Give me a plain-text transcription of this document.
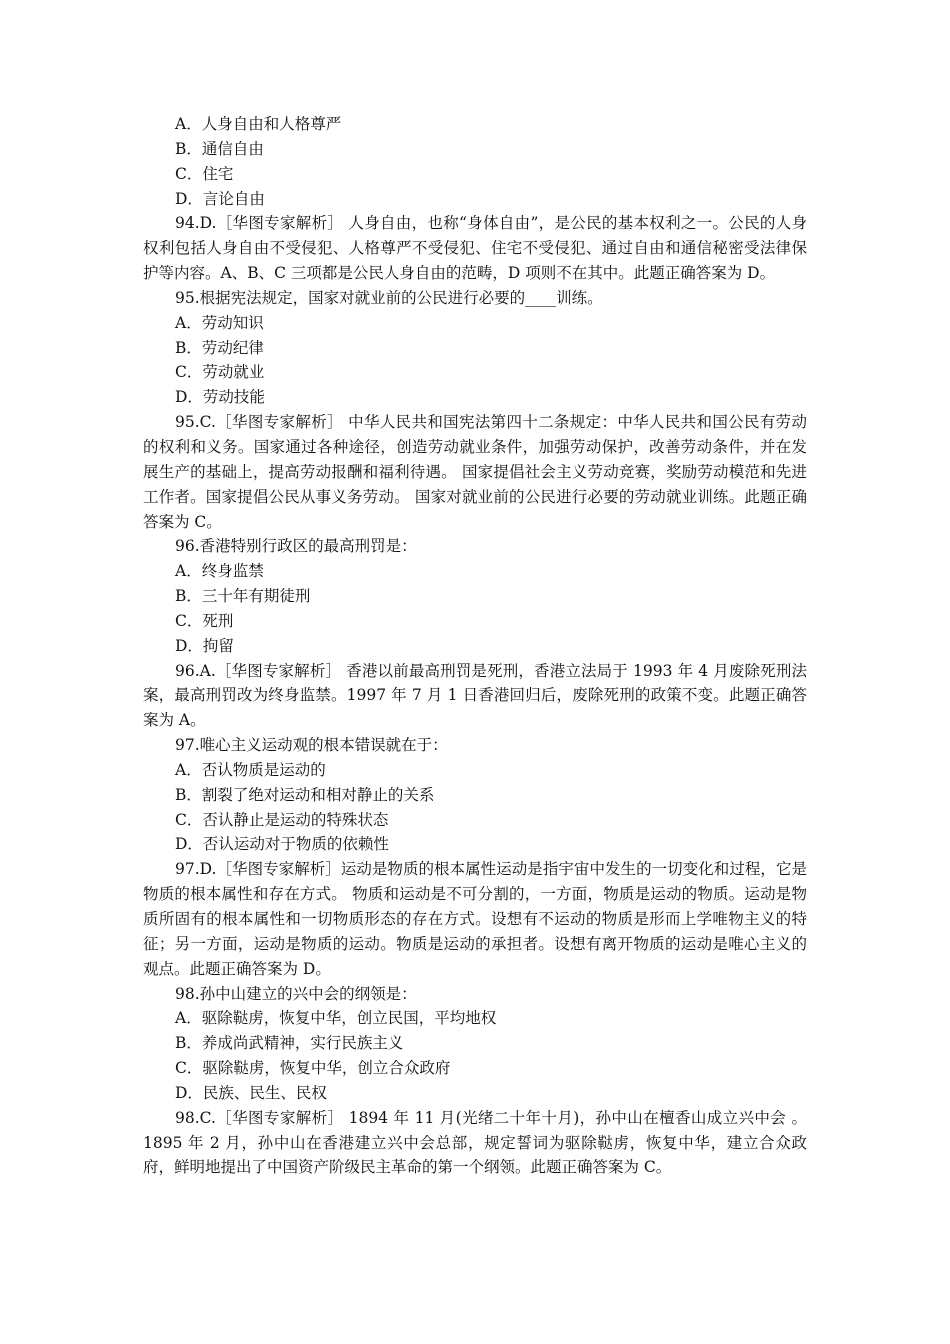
A．人身自由和人格尊严
B．通信自由
C．住宅
D．言论自由
94.D.［华图专家解析］ 人身自由，也称“身体自由”，是公民的基本权利之一。公民的人身权利包括人身自由不受侵犯、人格尊严不受侵犯、住宅不受侵犯、通过自由和通信秘密受法律保护等内容。A、B、C 三项都是公民人身自由的范畴，D 项则不在其中。此题正确答案为 D。
95.根据宪法规定，国家对就业前的公民进行必要的____训练。
A．劳动知识
B．劳动纪律
C．劳动就业
D．劳动技能
95.C.［华图专家解析］ 中华人民共和国宪法第四十二条规定：中华人民共和国公民有劳动的权利和义务。国家通过各种途径，创造劳动就业条件，加强劳动保护，改善劳动条件，并在发展生产的基础上，提高劳动报酬和福利待遇。 国家提倡社会主义劳动竞赛，奖励劳动模范和先进工作者。国家提倡公民从事义务劳动。 国家对就业前的公民进行必要的劳动就业训练。此题正确答案为 C。
96.香港特别行政区的最高刑罚是：
A．终身监禁
B．三十年有期徒刑
C．死刑
D．拘留
96.A.［华图专家解析］ 香港以前最高刑罚是死刑，香港立法局于 1993 年 4 月废除死刑法案，最高刑罚改为终身监禁。1997 年 7 月 1 日香港回归后，废除死刑的政策不变。此题正确答案为 A。
97.唯心主义运动观的根本错误就在于：
A．否认物质是运动的
B．割裂了绝对运动和相对静止的关系
C．否认静止是运动的特殊状态
D．否认运动对于物质的依赖性
97.D.［华图专家解析］运动是物质的根本属性运动是指宇宙中发生的一切变化和过程，它是物质的根本属性和存在方式。 物质和运动是不可分割的，一方面，物质是运动的物质。运动是物质所固有的根本属性和一切物质形态的存在方式。设想有不运动的物质是形而上学唯物主义的特征；另一方面，运动是物质的运动。物质是运动的承担者。设想有离开物质的运动是唯心主义的观点。此题正确答案为 D。
98.孙中山建立的兴中会的纲领是：
A．驱除鞑虏，恢复中华，创立民国，平均地权
B．养成尚武精神，实行民族主义
C．驱除鞑虏，恢复中华，创立合众政府
D．民族、民生、民权
98.C.［华图专家解析］ 1894 年 11 月(光绪二十年十月)，孙中山在檀香山成立兴中会 。1895 年 2 月，孙中山在香港建立兴中会总部，规定誓词为驱除鞑虏，恢复中华，建立合众政府，鲜明地提出了中国资产阶级民主革命的第一个纲领。此题正确答案为 C。
